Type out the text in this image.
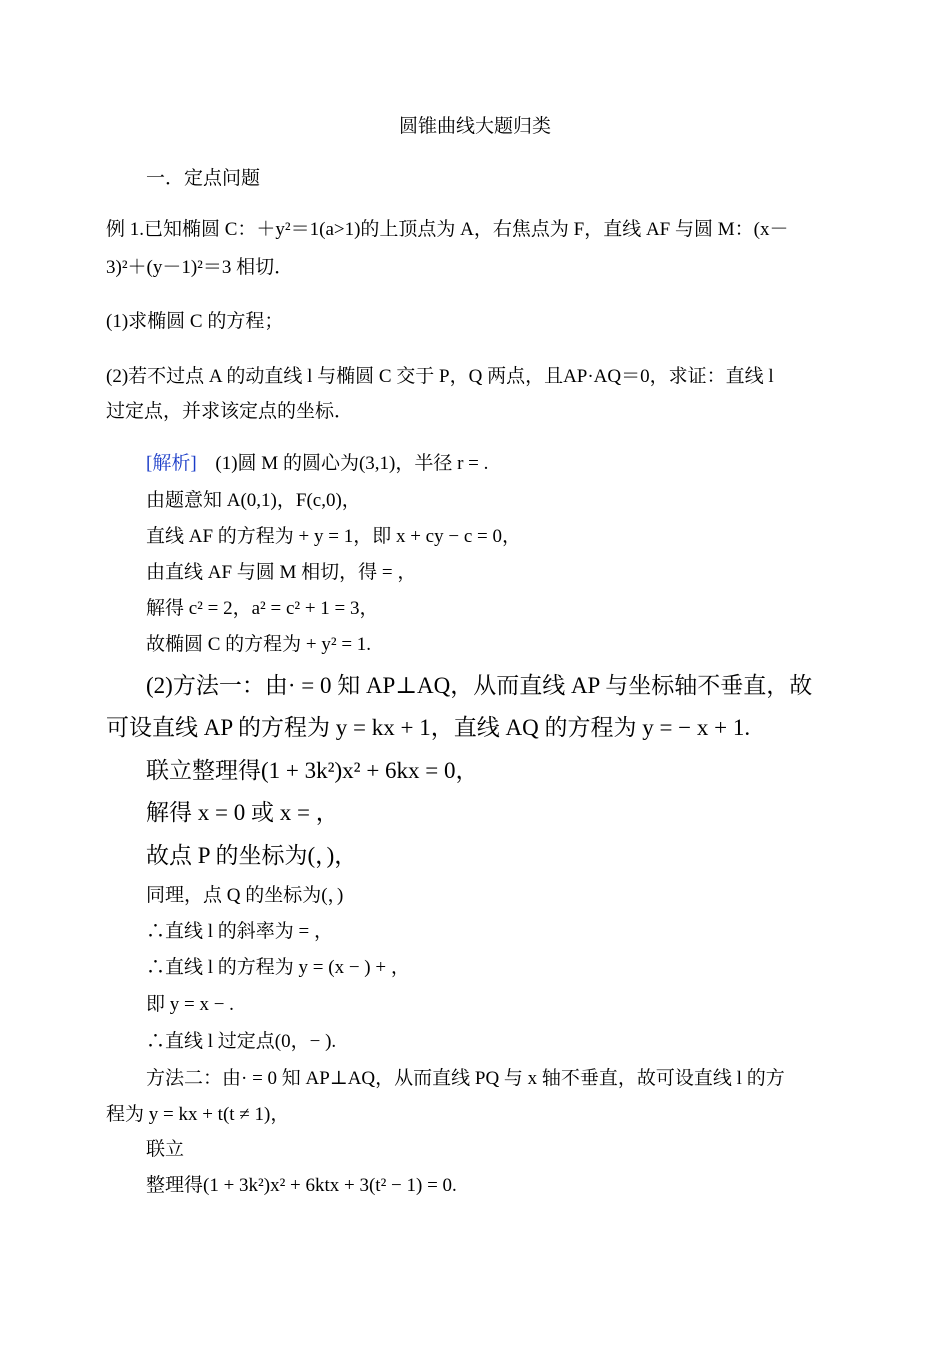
圆锥曲线大题归类
一．定点问题
例 1.已知椭圆 C：＋y²＝1(a>1)的上顶点为 A，右焦点为 F，直线 AF 与圆 M：(x－
3)²＋(y－1)²＝3 相切．
(1)求椭圆 C 的方程；
(2)若不过点 A 的动直线 l 与椭圆 C 交于 P，Q 两点，且AP·AQ＝0，求证：直线 l
过定点，并求该定点的坐标．
[解析] (1)圆 M 的圆心为(3,1)，半径 r = .
由题意知 A(0,1)，F(c,0)，
直线 AF 的方程为 + y = 1，即 x + cy − c = 0，
由直线 AF 与圆 M 相切，得 = ，
解得 c² = 2，a² = c² + 1 = 3，
故椭圆 C 的方程为 + y² = 1.
(2)方法一：由· = 0 知 AP⊥AQ，从而直线 AP 与坐标轴不垂直，故
可设直线 AP 的方程为 y = kx + 1，直线 AQ 的方程为 y = − x + 1.
联立整理得(1 + 3k²)x² + 6kx = 0，
解得 x = 0 或 x = ，
故点 P 的坐标为(，)，
同理，点 Q 的坐标为(，)
∴直线 l 的斜率为 = ，
∴直线 l 的方程为 y = (x − ) + ，
即 y = x − .
∴直线 l 过定点(0，− ).
方法二：由· = 0 知 AP⊥AQ，从而直线 PQ 与 x 轴不垂直，故可设直线 l 的方
程为 y = kx + t(t ≠ 1)，
联立
整理得(1 + 3k²)x² + 6ktx + 3(t² − 1) = 0.
